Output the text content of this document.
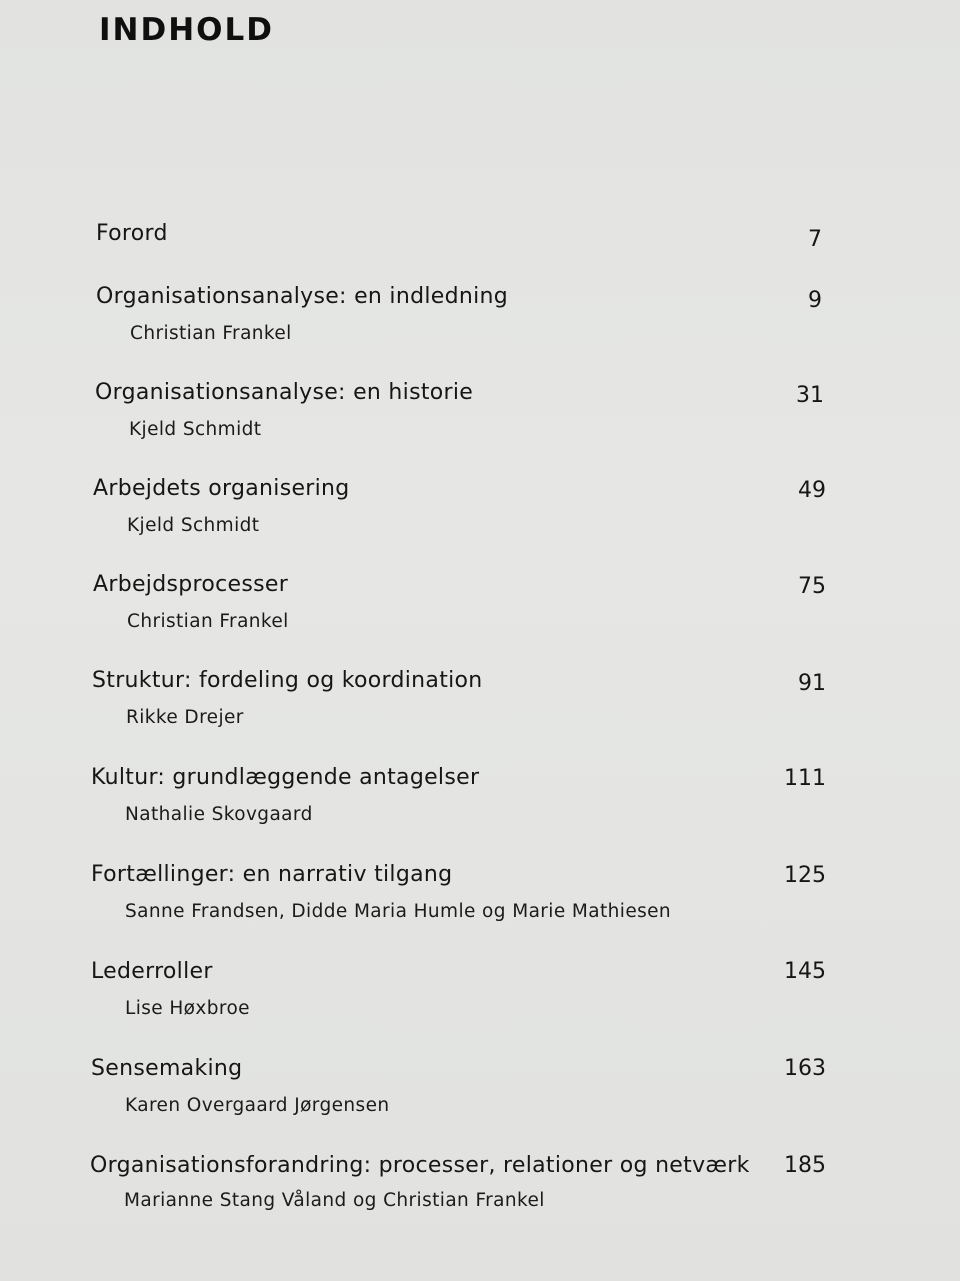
INDHOLD
Forord	7
Organisationsanalyse: en indledning
Christian Frankel
9
Organisationsanalyse: en historie
Kjeld Schmidt
31
Arbejdets organisering
Kjeld Schmidt
49
Arbejdsprocesser
Christian Frankel
75
Struktur: fordeling og koordination
Rikke Drejer
91
Kultur: grundlæggende antagelser
Nathalie Skovgaard
111
Fortællinger: en narrativ tilgang
Sanne Frandsen, Didde Maria Humle og Marie Mathiesen
125
Lederroller
Lise Høxbroe
145
Sensemaking
Karen Overgaard Jørgensen
163
Organisationsforandring: processer, relationer og netværk
Marianne Stang Våland og Christian Frankel
185
